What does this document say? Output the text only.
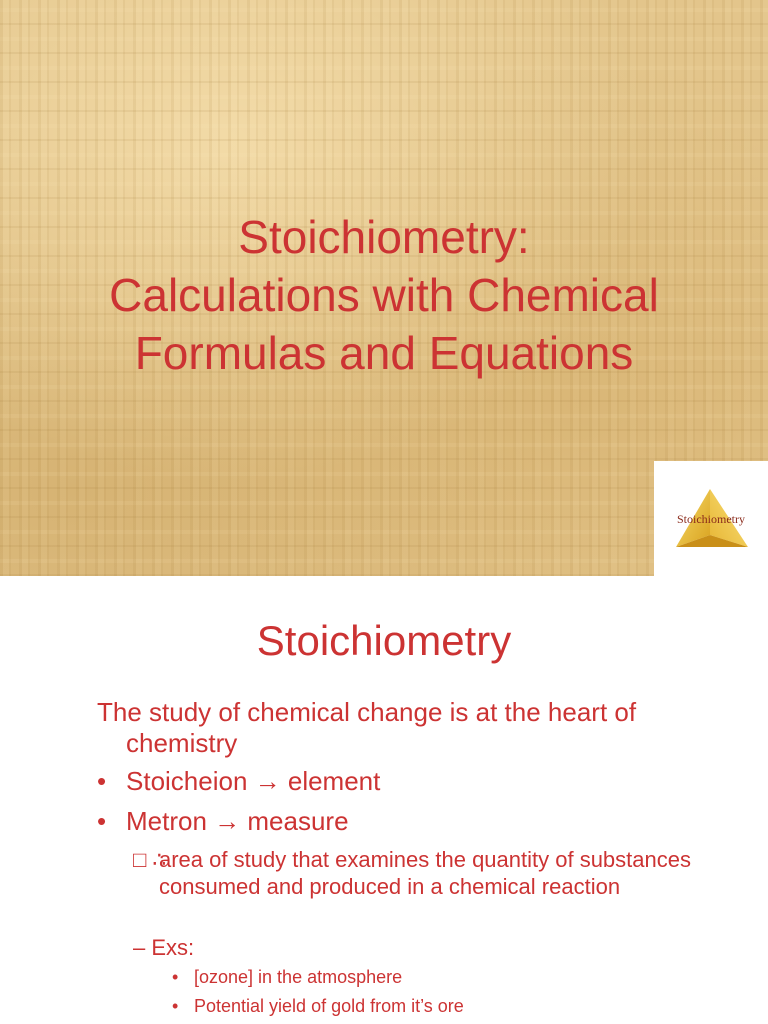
Stoichiometry:
Calculations with Chemical
Formulas and Equations
Stoichiometry
Stoichiometry
The study of chemical change is at the heart of chemistry
• Stoicheion → element
• Metron → measure
□ ∴
area of study that examines the quantity of substances consumed and produced in a chemical reaction
– Exs:
• [ozone] in the atmosphere
• Potential yield of gold from it’s ore
